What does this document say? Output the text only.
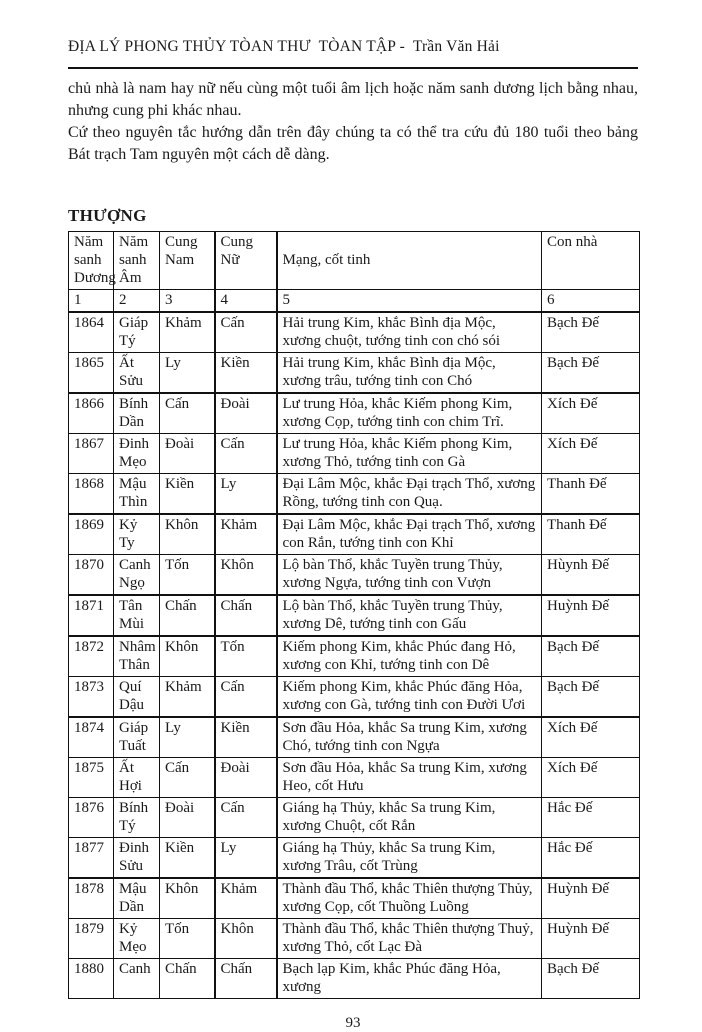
ĐỊA LÝ PHONG THỦY TÒAN THƯ  TÒAN TẬP -  Trần Văn Hải

chủ nhà là nam hay nữ nếu cùng một tuổi âm lịch hoặc năm sanh dương lịch bằng nhau, nhưng cung phi khác nhau.

Cứ theo nguyên tắc hướng dẫn trên đây chúng ta có thể tra cứu đủ 180 tuổi theo bảng Bát trạch Tam nguyên một cách dễ dàng.

THƯỢNG
Năm sanh Dương	Năm sanh Âm	Cung Nam	Cung Nữ	Mạng, cốt tinh	Con nhà
1	2	3	4	5	6
1864	Giáp Tý	Khảm	Cấn	Hải trung Kim, khắc Bình địa Mộc, xương chuột, tướng tinh con chó sói	Bạch Đế
1865	Ất Sửu	Ly	Kiền	Hải trung Kim, khắc Bình địa Mộc, xương trâu, tướng tinh con Chó	Bạch Đế
1866	Bính Dần	Cấn	Đoài	Lư trung Hỏa, khắc Kiếm phong Kim, xương Cọp, tướng tinh con chim Trĩ.	Xích Đế
1867	Đinh Mẹo	Đoài	Cấn	Lư trung Hỏa, khắc Kiếm phong Kim, xương Thỏ, tướng tinh con Gà	Xích Đế
1868	Mậu Thìn	Kiền	Ly	Đại Lâm Mộc, khắc Đại trạch Thổ, xương Rồng, tướng tinh con Quạ.	Thanh Đế
1869	Kỷ Ty	Khôn	Khảm	Đại Lâm Mộc, khắc Đại trạch Thổ, xương con Rắn, tướng tinh con Khỉ	Thanh Đế
1870	Canh Ngọ	Tốn	Khôn	Lộ bàn Thổ, khắc Tuyền trung Thủy, xương Ngựa, tướng tinh con Vượn	Hùynh Đế
1871	Tân Mùi	Chấn	Chấn	Lộ bàn Thổ, khắc Tuyền trung Thủy, xương Dê, tướng tinh con Gấu	Huỳnh Đế
1872	Nhâm Thân	Khôn	Tốn	Kiếm phong Kim, khắc Phúc đang Hỏ, xương con Khỉ, tướng tinh con Dê	Bạch Đế
1873	Quí Dậu	Khảm	Cấn	Kiếm phong Kim, khắc Phúc đăng Hỏa, xương con Gà, tướng tinh con Đười Ươi	Bạch Đế
1874	Giáp Tuất	Ly	Kiền	Sơn đầu Hỏa, khắc Sa trung Kim, xương Chó, tướng tinh con Ngựa	Xích Đế
1875	Ất Hợi	Cấn	Đoài	Sơn đầu Hỏa, khắc Sa trung Kim, xương Heo, cốt Hưu	Xích Đế
1876	Bính Tý	Đoài	Cấn	Giáng hạ Thủy, khắc Sa trung Kim, xương Chuột, cốt Rắn	Hắc Đế
1877	Đinh Sửu	Kiền	Ly	Giáng hạ Thủy, khắc Sa trung Kim, xương Trâu, cốt Trùng	Hắc Đế
1878	Mậu Dần	Khôn	Khảm	Thành đầu Thổ, khắc Thiên thượng Thủy, xương Cọp, cốt Thuồng Luồng	Huỳnh Đế
1879	Kỷ Mẹo	Tốn	Khôn	Thành đầu Thổ, khắc Thiên thượng Thuỷ, xương Thỏ, cốt Lạc Đà	Huỳnh Đế
1880	Canh	Chấn	Chấn	Bạch lạp Kim, khắc Phúc đăng Hỏa, xương	Bạch Đế
93
